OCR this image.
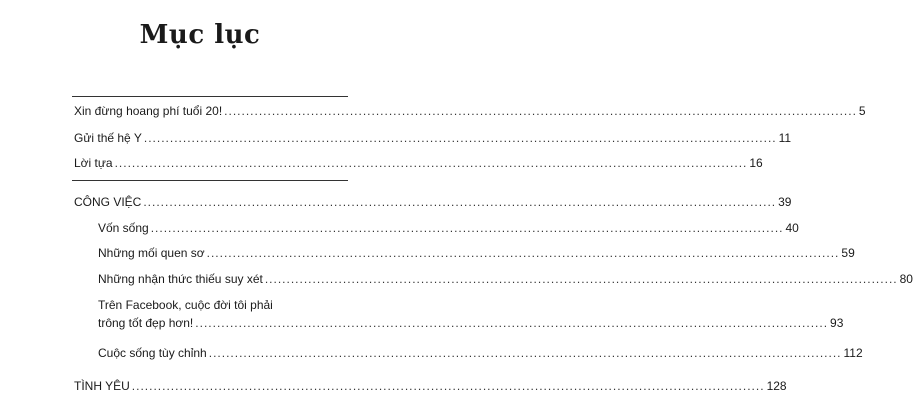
Mục lục
Xin đừng hoang phí tuổi 20! .................................................................................................................................................. 5
Gửi thế hệ Y .................................................................................................................................................. 11
Lời tựa .................................................................................................................................................. 16
CÔNG VIỆC .................................................................................................................................................. 39
Vốn sống .................................................................................................................................................. 40
Những mối quen sơ .................................................................................................................................................. 59
Những nhận thức thiếu suy xét .................................................................................................................................................. 80
Trên Facebook, cuộc đời tôi phải
trông tốt đẹp hơn! .................................................................................................................................................. 93
Cuộc sống tùy chỉnh .................................................................................................................................................. 112
TÌNH YÊU .................................................................................................................................................. 128
